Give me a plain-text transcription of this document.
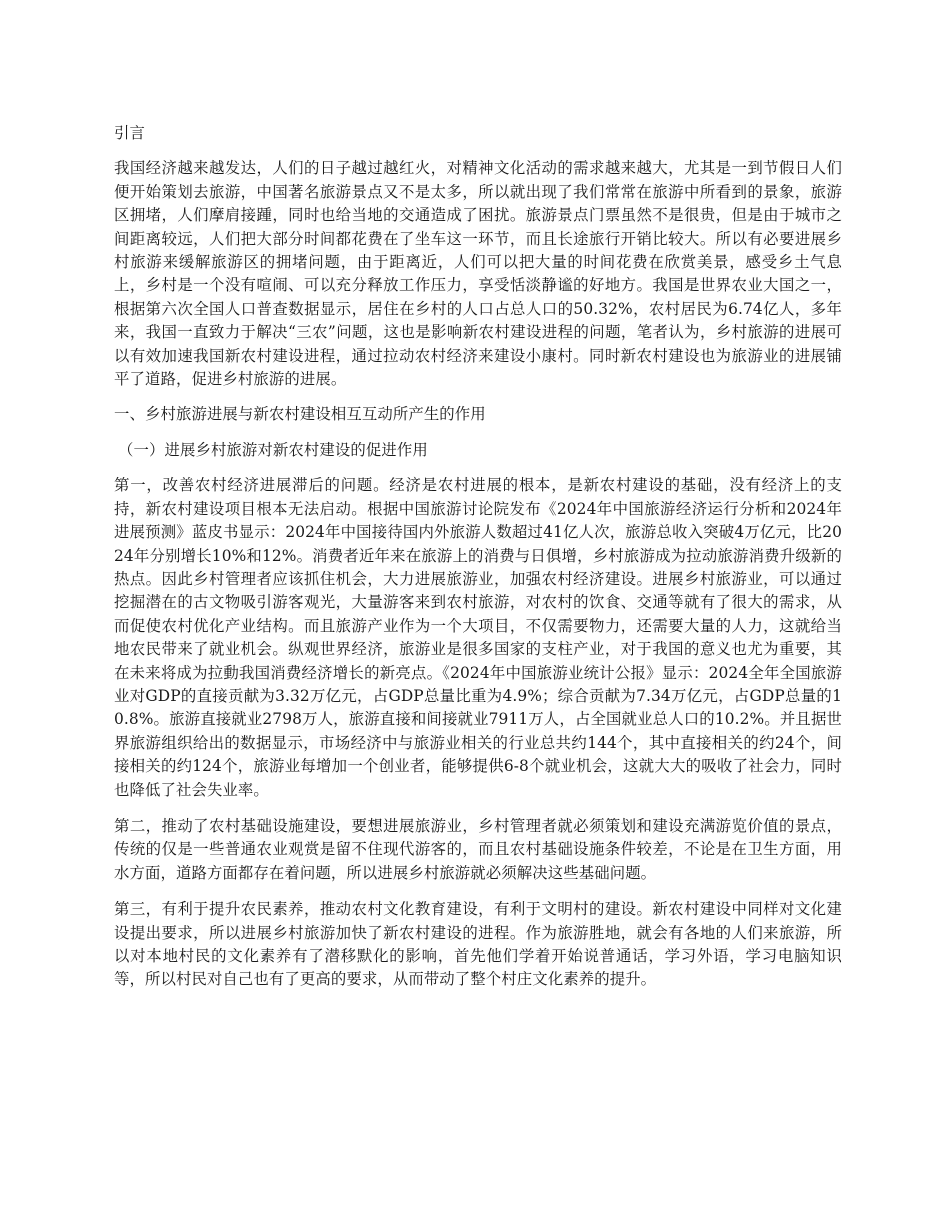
引言

我国经济越来越发达，人们的日子越过越红火，对精神文化活动的需求越来越大，尤其是一到节假日人们便开始策划去旅游，中国著名旅游景点又不是太多，所以就出现了我们常常在旅游中所看到的景象，旅游区拥堵，人们摩肩接踵，同时也给当地的交通造成了困扰。旅游景点门票虽然不是很贵，但是由于城市之间距离较远，人们把大部分时间都花费在了坐车这一环节，而且长途旅行开销比较大。所以有必要进展乡村旅游来缓解旅游区的拥堵问题，由于距离近，人们可以把大量的时间花费在欣赏美景，感受乡土气息上，乡村是一个没有喧闹、可以充分释放工作压力，享受恬淡静谧的好地方。我国是世界农业大国之一，根据第六次全国人口普查数据显示，居住在乡村的人口占总人口的50.32%，农村居民为6.74亿人，多年来，我国一直致力于解决“三农”问题，这也是影响新农村建设进程的问题，笔者认为，乡村旅游的进展可以有效加速我国新农村建设进程，通过拉动农村经济来建设小康村。同时新农村建设也为旅游业的进展铺平了道路，促进乡村旅游的进展。

一、乡村旅游进展与新农村建设相互互动所产生的作用

（一）进展乡村旅游对新农村建设的促进作用

第一，改善农村经济进展滞后的问题。经济是农村进展的根本，是新农村建设的基础，没有经济上的支持，新农村建设项目根本无法启动。根据中国旅游讨论院发布《2024年中国旅游经济运行分析和2024年进展预测》蓝皮书显示：2024年中国接待国内外旅游人数超过41亿人次，旅游总收入突破4万亿元，比2024年分别增长10%和12%。消费者近年来在旅游上的消费与日俱增，乡村旅游成为拉动旅游消费升级新的热点。因此乡村管理者应该抓住机会，大力进展旅游业，加强农村经济建设。进展乡村旅游业，可以通过挖掘潜在的古文物吸引游客观光，大量游客来到农村旅游，对农村的饮食、交通等就有了很大的需求，从而促使农村优化产业结构。而且旅游产业作为一个大项目，不仅需要物力，还需要大量的人力，这就给当地农民带来了就业机会。纵观世界经济，旅游业是很多国家的支柱产业，对于我国的意义也尤为重要，其在未来将成为拉動我国消费经济增长的新亮点。《2024年中国旅游业统计公报》显示：2024全年全国旅游业对GDP的直接贡献为3.32万亿元，占GDP总量比重为4.9%；综合贡献为7.34万亿元，占GDP总量的10.8%。旅游直接就业2798万人，旅游直接和间接就业7911万人，占全国就业总人口的10.2%。并且据世界旅游组织给出的数据显示，市场经济中与旅游业相关的行业总共约144个，其中直接相关的约24个，间接相关的约124个，旅游业每增加一个创业者，能够提供6-8个就业机会，这就大大的吸收了社会力，同时也降低了社会失业率。

第二，推动了农村基础设施建设，要想进展旅游业，乡村管理者就必须策划和建设充满游览价值的景点，传统的仅是一些普通农业观赏是留不住现代游客的，而且农村基础设施条件较差，不论是在卫生方面，用水方面，道路方面都存在着问题，所以进展乡村旅游就必须解决这些基础问题。

第三，有利于提升农民素养，推动农村文化教育建设，有利于文明村的建设。新农村建设中同样对文化建设提出要求，所以进展乡村旅游加快了新农村建设的进程。作为旅游胜地，就会有各地的人们来旅游，所以对本地村民的文化素养有了潜移默化的影响，首先他们学着开始说普通话，学习外语，学习电脑知识等，所以村民对自己也有了更高的要求，从而带动了整个村庄文化素养的提升。
